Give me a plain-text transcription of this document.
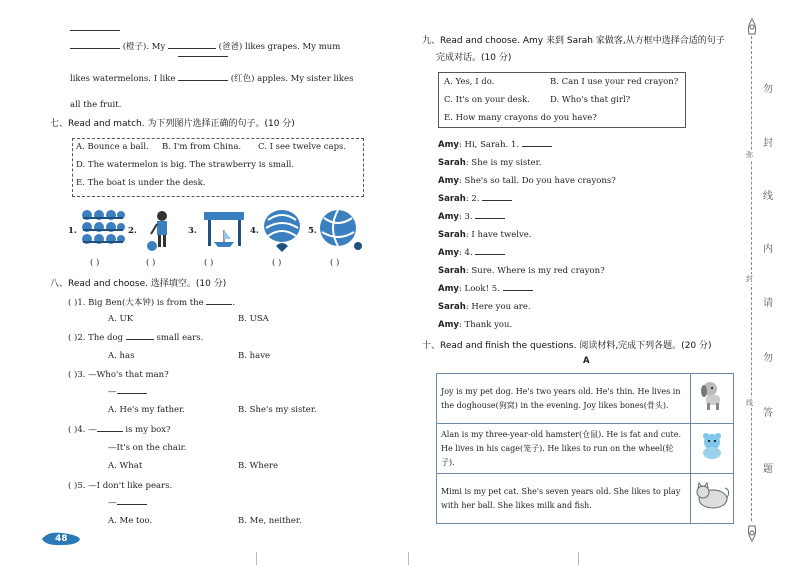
(橙子). My	(爸爸) likes grapes. My mum
likes watermelons. I like	(红色) apples. My sister likes
all the fruit.
七、Read and match. 为下列图片选择正确的句子。(10 分)
A. Bounce a ball. B. I'm from China. C. I see twelve caps.
D. The watermelon is big. The strawberry is small.
E. The boat is under the desk.
1.	2.	3.	4.	5.
( )	( )	( )	( )	( )
八、Read and choose. 选择填空。(10 分)
( )1. Big Ben(大本钟) is from the	.
A. UK	B. USA
( )2. The dog	small ears.
A. has	B. have
( )3. —Who's that man?
—
A. He's my father.	B. She's my sister.
( )4. —	is my box?
—It's on the chair.
A. What	B. Where
( )5. —I don't like pears.
—
A. Me too.	B. Me, neither.
48
九、Read and choose. Amy 来到 Sarah 家做客,从方框中选择合适的句子
完成对话。(10 分)
A. Yes, I do.	B. Can I use your red crayon?
C. It's on your desk. D. Who's that girl?
E. How many crayons do you have?
Amy: Hi, Sarah. 1.
Sarah: She is my sister.
Amy: She's so tall. Do you have crayons?
Sarah: 2.
Amy: 3.
Sarah: I have twelve.
Amy: 4.
Sarah: Sure. Where is my red crayon?
Amy: Look! 5.
Sarah: Here you are.
Amy: Thank you.
十、Read and finish the questions. 阅读材料,完成下列各题。(20 分)
A
Joy is my pet dog. He's two years old. He's thin. He lives in the doghouse(狗窝) in the evening. Joy likes bones(骨头).	
Alan is my three-year-old hamster(仓鼠). He is fat and cute. He lives in his cage(笼子). He likes to run on the wheel(轮子).	
Mimi is my pet cat. She's seven years old. She likes to play with her ball. She likes milk and fish.	
勿
封
线
内
请
勿
答
题
弥
封
线
